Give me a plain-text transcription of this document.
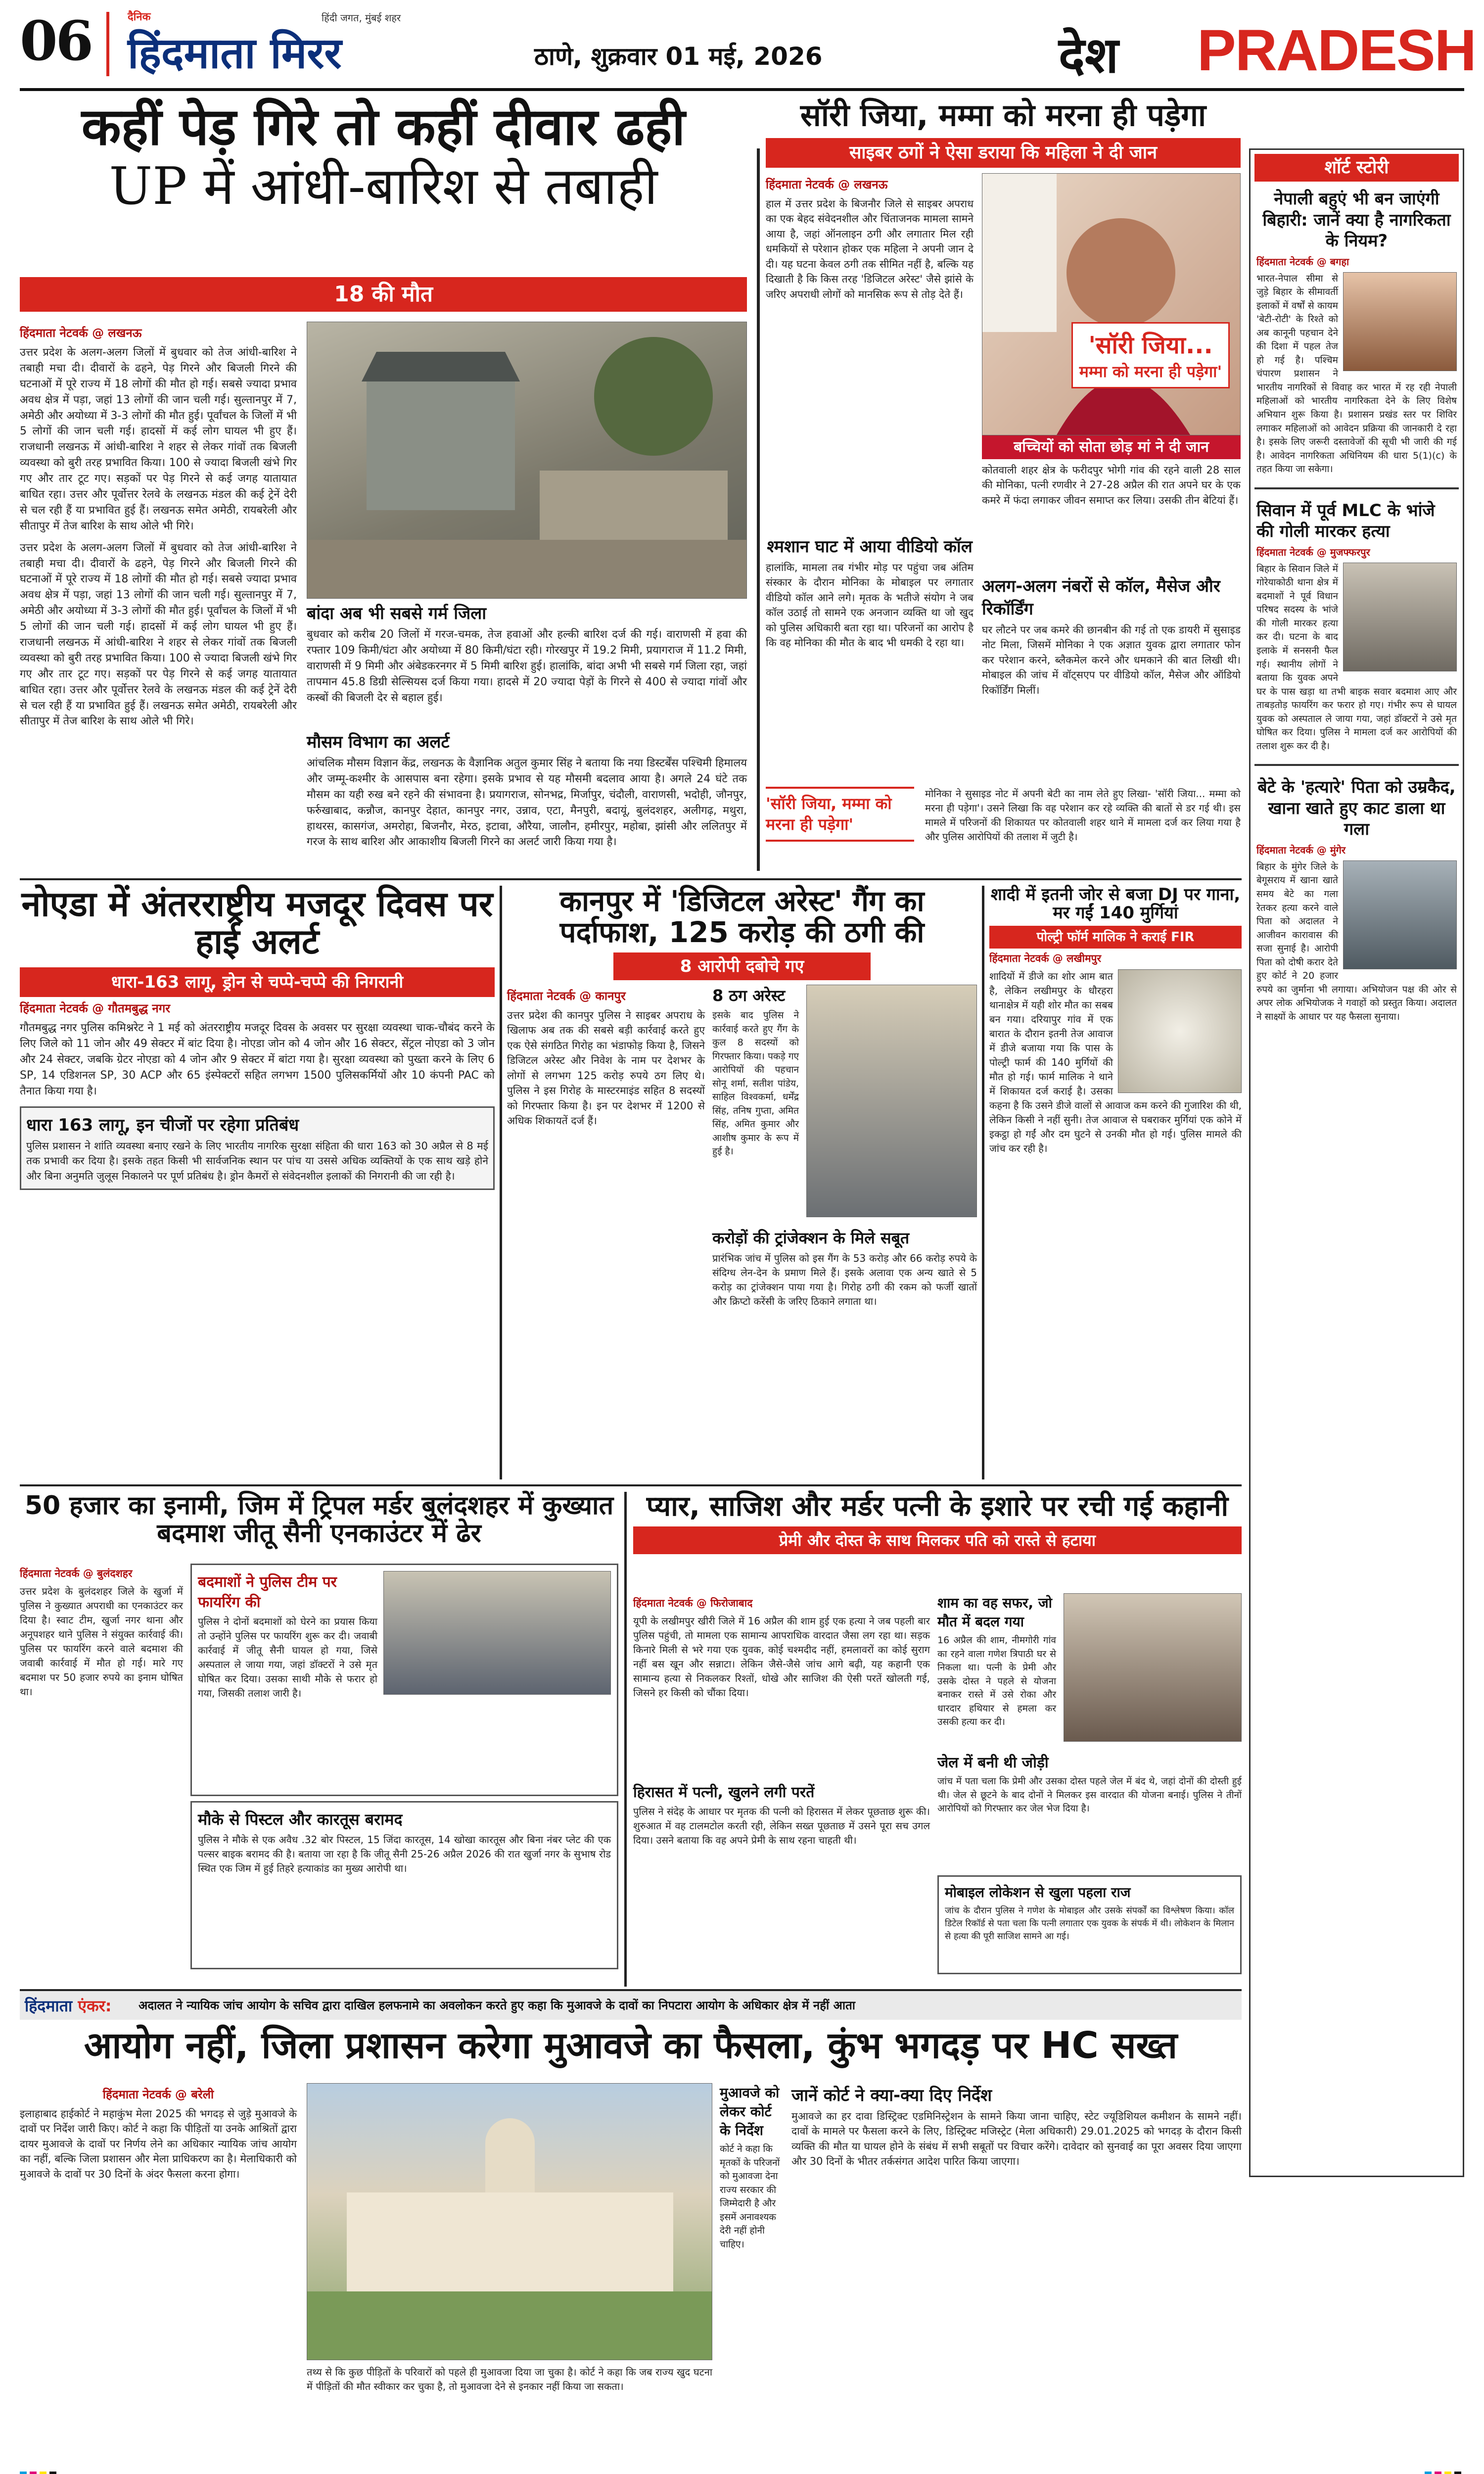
06	दैनिक
हिंदमाता मिरर
हिंदी जगत, मुंबई शहर
ठाणे, शुक्रवार 01 मई, 2026	देश PRADESH
कहीं पेड़ गिरे तो कहीं दीवार ढही
UP में आंधी-बारिश से तबाही
18 की मौत
हिंदमाता नेटवर्क @ लखनऊ
उत्तर प्रदेश के अलग-अलग जिलों में बुधवार को तेज आंधी-बारिश ने तबाही मचा दी। दीवारों के ढहने, पेड़ गिरने और बिजली गिरने की घटनाओं में पूरे राज्य में 18 लोगों की मौत हो गई। सबसे ज्यादा प्रभाव अवध क्षेत्र में पड़ा, जहां 13 लोगों की जान चली गई। सुल्तानपुर में 7, अमेठी और अयोध्या में 3-3 लोगों की मौत हुई। पूर्वांचल के जिलों में भी 5 लोगों की जान चली गई। हादसों में कई लोग घायल भी हुए हैं। राजधानी लखनऊ में आंधी-बारिश ने शहर से लेकर गांवों तक बिजली व्यवस्था को बुरी तरह प्रभावित किया। 100 से ज्यादा बिजली खंभे गिर गए और तार टूट गए। सड़कों पर पेड़ गिरने से कई जगह यातायात बाधित रहा। उत्तर और पूर्वोत्तर रेलवे के लखनऊ मंडल की कई ट्रेनें देरी से चल रही हैं या प्रभावित हुई हैं। लखनऊ समेत अमेठी, रायबरेली और सीतापुर में तेज बारिश के साथ ओले भी गिरे।
उत्तर प्रदेश के अलग-अलग जिलों में बुधवार को तेज आंधी-बारिश ने तबाही मचा दी। दीवारों के ढहने, पेड़ गिरने और बिजली गिरने की घटनाओं में पूरे राज्य में 18 लोगों की मौत हो गई। सबसे ज्यादा प्रभाव अवध क्षेत्र में पड़ा, जहां 13 लोगों की जान चली गई। सुल्तानपुर में 7, अमेठी और अयोध्या में 3-3 लोगों की मौत हुई। पूर्वांचल के जिलों में भी 5 लोगों की जान चली गई। हादसों में कई लोग घायल भी हुए हैं। राजधानी लखनऊ में आंधी-बारिश ने शहर से लेकर गांवों तक बिजली व्यवस्था को बुरी तरह प्रभावित किया। 100 से ज्यादा बिजली खंभे गिर गए और तार टूट गए। सड़कों पर पेड़ गिरने से कई जगह यातायात बाधित रहा। उत्तर और पूर्वोत्तर रेलवे के लखनऊ मंडल की कई ट्रेनें देरी से चल रही हैं या प्रभावित हुई हैं। लखनऊ समेत अमेठी, रायबरेली और सीतापुर में तेज बारिश के साथ ओले भी गिरे।
बांदा अब भी सबसे गर्म जिला
बुधवार को करीब 20 जिलों में गरज-चमक, तेज हवाओं और हल्की बारिश दर्ज की गई। वाराणसी में हवा की रफ्तार 109 किमी/घंटा और अयोध्या में 80 किमी/घंटा रही। गोरखपुर में 19.2 मिमी, प्रयागराज में 11.2 मिमी, वाराणसी में 9 मिमी और अंबेडकरनगर में 5 मिमी बारिश हुई। हालांकि, बांदा अभी भी सबसे गर्म जिला रहा, जहां तापमान 45.8 डिग्री सेल्सियस दर्ज किया गया। हादसे में 20 ज्यादा पेड़ों के गिरने से 400 से ज्यादा गांवों और कस्बों की बिजली देर से बहाल हुई।
मौसम विभाग का अलर्ट
आंचलिक मौसम विज्ञान केंद्र, लखनऊ के वैज्ञानिक अतुल कुमार सिंह ने बताया कि नया डिस्टर्बेंस पश्चिमी हिमालय और जम्मू-कश्मीर के आसपास बना रहेगा। इसके प्रभाव से यह मौसमी बदलाव आया है। अगले 24 घंटे तक मौसम का यही रुख बने रहने की संभावना है। प्रयागराज, सोनभद्र, मिर्जापुर, चंदौली, वाराणसी, भदोही, जौनपुर, फर्रुखाबाद, कन्नौज, कानपुर देहात, कानपुर नगर, उन्नाव, एटा, मैनपुरी, बदायूं, बुलंदशहर, अलीगढ़, मथुरा, हाथरस, कासगंज, अमरोहा, बिजनौर, मेरठ, इटावा, औरैया, जालौन, हमीरपुर, महोबा, झांसी और ललितपुर में गरज के साथ बारिश और आकाशीय बिजली गिरने का अलर्ट जारी किया गया है।
सॉरी जिया, मम्मा को मरना ही पड़ेगा
साइबर ठगों ने ऐसा डराया कि महिला ने दी जान
हिंदमाता नेटवर्क @ लखनऊ
हाल में उत्तर प्रदेश के बिजनौर जिले से साइबर अपराध का एक बेहद संवेदनशील और चिंताजनक मामला सामने आया है, जहां ऑनलाइन ठगी और लगातार मिल रही धमकियों से परेशान होकर एक महिला ने अपनी जान दे दी। यह घटना केवल ठगी तक सीमित नहीं है, बल्कि यह दिखाती है कि किस तरह 'डिजिटल अरेस्ट' जैसे झांसे के जरिए अपराधी लोगों को मानसिक रूप से तोड़ देते हैं।
'सॉरी जिया...
मम्मा को मरना ही पड़ेगा'
बच्चियों को सोता छोड़ मां ने दी जान
कोतवाली शहर क्षेत्र के फरीदपुर भोगी गांव की रहने वाली 28 साल की मोनिका, पत्नी रणवीर ने 27-28 अप्रैल की रात अपने घर के एक कमरे में फंदा लगाकर जीवन समाप्त कर लिया। उसकी तीन बेटियां हैं।
श्मशान घाट में आया वीडियो कॉल
हालांकि, मामला तब गंभीर मोड़ पर पहुंचा जब अंतिम संस्कार के दौरान मोनिका के मोबाइल पर लगातार वीडियो कॉल आने लगे। मृतक के भतीजे संयोग ने जब कॉल उठाई तो सामने एक अनजान व्यक्ति था जो खुद को पुलिस अधिकारी बता रहा था। परिजनों का आरोप है कि वह मोनिका की मौत के बाद भी धमकी दे रहा था।
अलग-अलग नंबरों से कॉल, मैसेज और रिकॉर्डिंग
घर लौटने पर जब कमरे की छानबीन की गई तो एक डायरी में सुसाइड नोट मिला, जिसमें मोनिका ने एक अज्ञात युवक द्वारा लगातार फोन कर परेशान करने, ब्लैकमेल करने और धमकाने की बात लिखी थी। मोबाइल की जांच में वॉट्सएप पर वीडियो कॉल, मैसेज और ऑडियो रिकॉर्डिंग मिलीं।
'सॉरी जिया, मम्मा को मरना ही पड़ेगा'
मोनिका ने सुसाइड नोट में अपनी बेटी का नाम लेते हुए लिखा- 'सॉरी जिया... मम्मा को मरना ही पड़ेगा'। उसने लिखा कि वह परेशान कर रहे व्यक्ति की बातों से डर गई थी। इस मामले में परिजनों की शिकायत पर कोतवाली शहर थाने में मामला दर्ज कर लिया गया है और पुलिस आरोपियों की तलाश में जुटी है।
शॉर्ट स्टोरी
नेपाली बहुएं भी बन जाएंगी बिहारी: जानें क्या है नागरिकता के नियम?
हिंदमाता नेटवर्क @ बगहा
भारत-नेपाल सीमा से जुड़े बिहार के सीमावर्ती इलाकों में वर्षों से कायम 'बेटी-रोटी' के रिश्ते को अब कानूनी पहचान देने की दिशा में पहल तेज हो गई है। पश्चिम चंपारण प्रशासन ने भारतीय नागरिकों से विवाह कर भारत में रह रही नेपाली महिलाओं को भारतीय नागरिकता देने के लिए विशेष अभियान शुरू किया है। प्रशासन प्रखंड स्तर पर शिविर लगाकर महिलाओं को आवेदन प्रक्रिया की जानकारी दे रहा है। इसके लिए जरूरी दस्तावेजों की सूची भी जारी की गई है। आवेदन नागरिकता अधिनियम की धारा 5(1)(c) के तहत किया जा सकेगा।
सिवान में पूर्व MLC के भांजे की गोली मारकर हत्या
हिंदमाता नेटवर्क @ मुजफ्फरपुर
बिहार के सिवान जिले में गोरेयाकोठी थाना क्षेत्र में बदमाशों ने पूर्व विधान परिषद सदस्य के भांजे की गोली मारकर हत्या कर दी। घटना के बाद इलाके में सनसनी फैल गई। स्थानीय लोगों ने बताया कि युवक अपने घर के पास खड़ा था तभी बाइक सवार बदमाश आए और ताबड़तोड़ फायरिंग कर फरार हो गए। गंभीर रूप से घायल युवक को अस्पताल ले जाया गया, जहां डॉक्टरों ने उसे मृत घोषित कर दिया। पुलिस ने मामला दर्ज कर आरोपियों की तलाश शुरू कर दी है।
बेटे के 'हत्यारे' पिता को उम्रकैद, खाना खाते हुए काट डाला था गला
हिंदमाता नेटवर्क @ मुंगेर
बिहार के मुंगेर जिले के बेगूसराय में खाना खाते समय बेटे का गला रेतकर हत्या करने वाले पिता को अदालत ने आजीवन कारावास की सजा सुनाई है। आरोपी पिता को दोषी करार देते हुए कोर्ट ने 20 हजार रुपये का जुर्माना भी लगाया। अभियोजन पक्ष की ओर से अपर लोक अभियोजक ने गवाहों को प्रस्तुत किया। अदालत ने साक्ष्यों के आधार पर यह फैसला सुनाया।
नोएडा में अंतरराष्ट्रीय मजदूर दिवस पर हाई अलर्ट
धारा-163 लागू, ड्रोन से चप्पे-चप्पे की निगरानी
हिंदमाता नेटवर्क @ गौतमबुद्ध नगर
गौतमबुद्ध नगर पुलिस कमिश्नरेट ने 1 मई को अंतरराष्ट्रीय मजदूर दिवस के अवसर पर सुरक्षा व्यवस्था चाक-चौबंद करने के लिए जिले को 11 जोन और 49 सेक्टर में बांट दिया है। नोएडा जोन को 4 जोन और 16 सेक्टर, सेंट्रल नोएडा को 3 जोन और 24 सेक्टर, जबकि ग्रेटर नोएडा को 4 जोन और 9 सेक्टर में बांटा गया है। सुरक्षा व्यवस्था को पुख्ता करने के लिए 6 SP, 14 एडिशनल SP, 30 ACP और 65 इंस्पेक्टरों सहित लगभग 1500 पुलिसकर्मियों और 10 कंपनी PAC को तैनात किया गया है।
धारा 163 लागू, इन चीजों पर रहेगा प्रतिबंध
पुलिस प्रशासन ने शांति व्यवस्था बनाए रखने के लिए भारतीय नागरिक सुरक्षा संहिता की धारा 163 को 30 अप्रैल से 8 मई तक प्रभावी कर दिया है। इसके तहत किसी भी सार्वजनिक स्थान पर पांच या उससे अधिक व्यक्तियों के एक साथ खड़े होने और बिना अनुमति जुलूस निकालने पर पूर्ण प्रतिबंध है। ड्रोन कैमरों से संवेदनशील इलाकों की निगरानी की जा रही है।
कानपुर में 'डिजिटल अरेस्ट' गैंग का पर्दाफाश, 125 करोड़ की ठगी की
8 आरोपी दबोचे गए
हिंदमाता नेटवर्क @ कानपुर
उत्तर प्रदेश की कानपुर पुलिस ने साइबर अपराध के खिलाफ अब तक की सबसे बड़ी कार्रवाई करते हुए एक ऐसे संगठित गिरोह का भंडाफोड़ किया है, जिसने डिजिटल अरेस्ट और निवेश के नाम पर देशभर के लोगों से लगभग 125 करोड़ रुपये ठग लिए थे। पुलिस ने इस गिरोह के मास्टरमाइंड सहित 8 सदस्यों को गिरफ्तार किया है। इन पर देशभर में 1200 से अधिक शिकायतें दर्ज हैं।
8 ठग अरेस्ट
इसके बाद पुलिस ने कार्रवाई करते हुए गैंग के कुल 8 सदस्यों को गिरफ्तार किया। पकड़े गए आरोपियों की पहचान सोनू शर्मा, सतीश पांडेय, साहिल विश्वकर्मा, धर्मेंद्र सिंह, तनिष गुप्ता, अमित सिंह, अमित कुमार और आशीष कुमार के रूप में हुई है।
करोड़ों की ट्रांजेक्शन के मिले सबूत
प्रारंभिक जांच में पुलिस को इस गैंग के 53 करोड़ और 66 करोड़ रुपये के संदिग्ध लेन-देन के प्रमाण मिले हैं। इसके अलावा एक अन्य खाते से 5 करोड़ का ट्रांजेक्शन पाया गया है। गिरोह ठगी की रकम को फर्जी खातों और क्रिप्टो करेंसी के जरिए ठिकाने लगाता था।
शादी में इतनी जोर से बजा DJ पर गाना, मर गईं 140 मुर्गियां
पोल्ट्री फॉर्म मालिक ने कराई FIR
हिंदमाता नेटवर्क @ लखीमपुर
शादियों में डीजे का शोर आम बात है, लेकिन लखीमपुर के धौरहरा थानाक्षेत्र में यही शोर मौत का सबब बन गया। दरियापुर गांव में एक बारात के दौरान इतनी तेज आवाज में डीजे बजाया गया कि पास के पोल्ट्री फार्म की 140 मुर्गियों की मौत हो गई। फार्म मालिक ने थाने में शिकायत दर्ज कराई है। उसका कहना है कि उसने डीजे वालों से आवाज कम करने की गुजारिश की थी, लेकिन किसी ने नहीं सुनी। तेज आवाज से घबराकर मुर्गियां एक कोने में इकट्ठा हो गईं और दम घुटने से उनकी मौत हो गई। पुलिस मामले की जांच कर रही है।
50 हजार का इनामी, जिम में ट्रिपल मर्डर बुलंदशहर में कुख्यात बदमाश जीतू सैनी एनकाउंटर में ढेर
हिंदमाता नेटवर्क @ बुलंदशहर
उत्तर प्रदेश के बुलंदशहर जिले के खुर्जा में पुलिस ने कुख्यात अपराधी का एनकाउंटर कर दिया है। स्वाट टीम, खुर्जा नगर थाना और अनूपशहर थाने पुलिस ने संयुक्त कार्रवाई की। पुलिस पर फायरिंग करने वाले बदमाश की जवाबी कार्रवाई में मौत हो गई। मारे गए बदमाश पर 50 हजार रुपये का इनाम घोषित था।
बदमाशों ने पुलिस टीम पर फायरिंग की
पुलिस ने दोनों बदमाशों को घेरने का प्रयास किया तो उन्होंने पुलिस पर फायरिंग शुरू कर दी। जवाबी कार्रवाई में जीतू सैनी घायल हो गया, जिसे अस्पताल ले जाया गया, जहां डॉक्टरों ने उसे मृत घोषित कर दिया। उसका साथी मौके से फरार हो गया, जिसकी तलाश जारी है।
मौके से पिस्टल और कारतूस बरामद
पुलिस ने मौके से एक अवैध .32 बोर पिस्टल, 15 जिंदा कारतूस, 14 खोखा कारतूस और बिना नंबर प्लेट की एक पल्सर बाइक बरामद की है। बताया जा रहा है कि जीतू सैनी 25-26 अप्रैल 2026 की रात खुर्जा नगर के सुभाष रोड स्थित एक जिम में हुई तिहरे हत्याकांड का मुख्य आरोपी था।
प्यार, साजिश और मर्डर पत्नी के इशारे पर रची गई कहानी
प्रेमी और दोस्त के साथ मिलकर पति को रास्ते से हटाया
हिंदमाता नेटवर्क @ फिरोजाबाद
यूपी के लखीमपुर खीरी जिले में 16 अप्रैल की शाम हुई एक हत्या ने जब पहली बार पुलिस पहुंची, तो मामला एक सामान्य आपराधिक वारदात जैसा लग रहा था। सड़क किनारे मिली से भरे गया एक युवक, कोई चश्मदीद नहीं, हमलावरों का कोई सुराग नहीं बस खून और सन्नाटा। लेकिन जैसे-जैसे जांच आगे बढ़ी, यह कहानी एक सामान्य हत्या से निकलकर रिश्तों, धोखे और साजिश की ऐसी परतें खोलती गई, जिसने हर किसी को चौंका दिया।
शाम का वह सफर, जो मौत में बदल गया
16 अप्रैल की शाम, नीमगोरी गांव का रहने वाला गणेश त्रिपाठी घर से निकला था। पत्नी के प्रेमी और उसके दोस्त ने पहले से योजना बनाकर रास्ते में उसे रोका और धारदार हथियार से हमला कर उसकी हत्या कर दी।
हिरासत में पत्नी, खुलने लगी परतें
पुलिस ने संदेह के आधार पर मृतक की पत्नी को हिरासत में लेकर पूछताछ शुरू की। शुरुआत में वह टालमटोल करती रही, लेकिन सख्त पूछताछ में उसने पूरा सच उगल दिया। उसने बताया कि वह अपने प्रेमी के साथ रहना चाहती थी।
जेल में बनी थी जोड़ी
जांच में पता चला कि प्रेमी और उसका दोस्त पहले जेल में बंद थे, जहां दोनों की दोस्ती हुई थी। जेल से छूटने के बाद दोनों ने मिलकर इस वारदात की योजना बनाई। पुलिस ने तीनों आरोपियों को गिरफ्तार कर जेल भेज दिया है।
मोबाइल लोकेशन से खुला पहला राज
जांच के दौरान पुलिस ने गणेश के मोबाइल और उसके संपर्कों का विश्लेषण किया। कॉल डिटेल रिकॉर्ड से पता चला कि पत्नी लगातार एक युवक के संपर्क में थी। लोकेशन के मिलान से हत्या की पूरी साजिश सामने आ गई।
हिंदमाता एंकर: अदालत ने न्यायिक जांच आयोग के सचिव द्वारा दाखिल हलफनामे का अवलोकन करते हुए कहा कि मुआवजे के दावों का निपटारा आयोग के अधिकार क्षेत्र में नहीं आता
आयोग नहीं, जिला प्रशासन करेगा मुआवजे का फैसला, कुंभ भगदड़ पर HC सख्त
हिंदमाता नेटवर्क @ बरेली
इलाहाबाद हाईकोर्ट ने महाकुंभ मेला 2025 की भगदड़ से जुड़े मुआवजे के दावों पर निर्देश जारी किए। कोर्ट ने कहा कि पीड़ितों या उनके आश्रितों द्वारा दायर मुआवजे के दावों पर निर्णय लेने का अधिकार न्यायिक जांच आयोग का नहीं, बल्कि जिला प्रशासन और मेला प्राधिकरण का है। मेलाधिकारी को मुआवजे के दावों पर 30 दिनों के अंदर फैसला करना होगा।
तथ्य से कि कुछ पीड़ितों के परिवारों को पहले ही मुआवजा दिया जा चुका है। कोर्ट ने कहा कि जब राज्य खुद घटना में पीड़ितों की मौत स्वीकार कर चुका है, तो मुआवजा देने से इनकार नहीं किया जा सकता।
मुआवजे को लेकर कोर्ट के निर्देश
कोर्ट ने कहा कि मृतकों के परिजनों को मुआवजा देना राज्य सरकार की जिम्मेदारी है और इसमें अनावश्यक देरी नहीं होनी चाहिए।
जानें कोर्ट ने क्या-क्या दिए निर्देश
मुआवजे का हर दावा डिस्ट्रिक्ट एडमिनिस्ट्रेशन के सामने किया जाना चाहिए, स्टेट ज्यूडिशियल कमीशन के सामने नहीं। दावों के मामले पर फैसला करने के लिए, डिस्ट्रिक्ट मजिस्ट्रेट (मेला अधिकारी) 29.01.2025 को भगदड़ के दौरान किसी व्यक्ति की मौत या घायल होने के संबंध में सभी सबूतों पर विचार करेंगे। दावेदार को सुनवाई का पूरा अवसर दिया जाएगा और 30 दिनों के भीतर तर्कसंगत आदेश पारित किया जाएगा।
